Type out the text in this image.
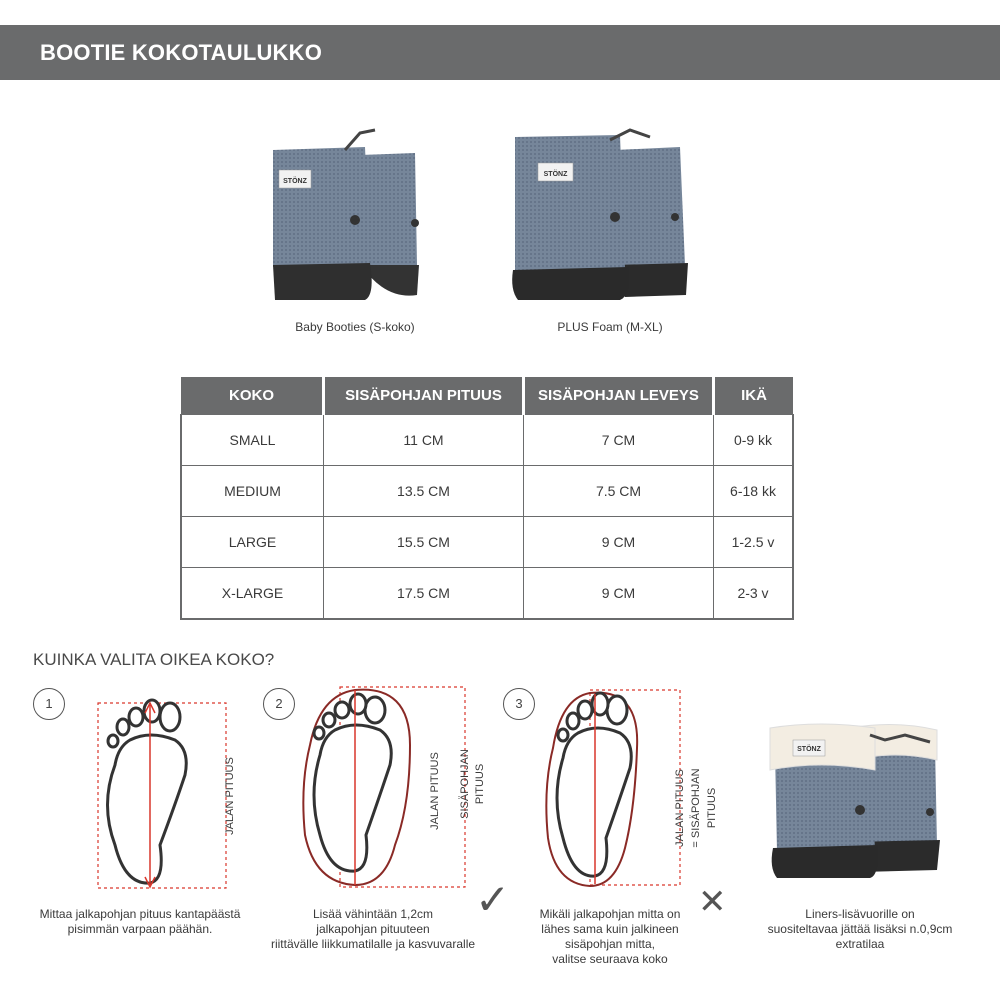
BOOTIE KOKOTAULUKKO
STÖNZ
Baby Booties (S-koko)
STÖNZ
PLUS Foam (M-XL)
KOKO	SISÄPOHJAN PITUUS	SISÄPOHJAN LEVEYS	IKÄ
SMALL	11 CM	7 CM	0-9 kk
MEDIUM	13.5 CM	7.5 CM	6-18 kk
LARGE	15.5 CM	9 CM	1-2.5 v
X-LARGE	17.5 CM	9 CM	2-3 v
KUINKA VALITA OIKEA KOKO?
1
JALAN PITUUS
Mittaa jalkapohjan pituus kantapäästä
pisimmän varpaan päähän.
2
JALAN PITUUS SISÄPOHJAN PITUUS
Lisää vähintään 1,2cm
jalkapohjan pituuteen
riittävälle liikkumatilalle ja kasvuvaralle
✓
3
JALAN PITUUS = SISÄPOHJAN PITUUS
Mikäli jalkapohjan mitta on
lähes sama kuin jalkineen
sisäpohjan mitta,
valitse seuraava koko
✕
STÖNZ
Liners-lisävuorille on
suositeltavaa jättää lisäksi n.0,9cm
extratilaa
